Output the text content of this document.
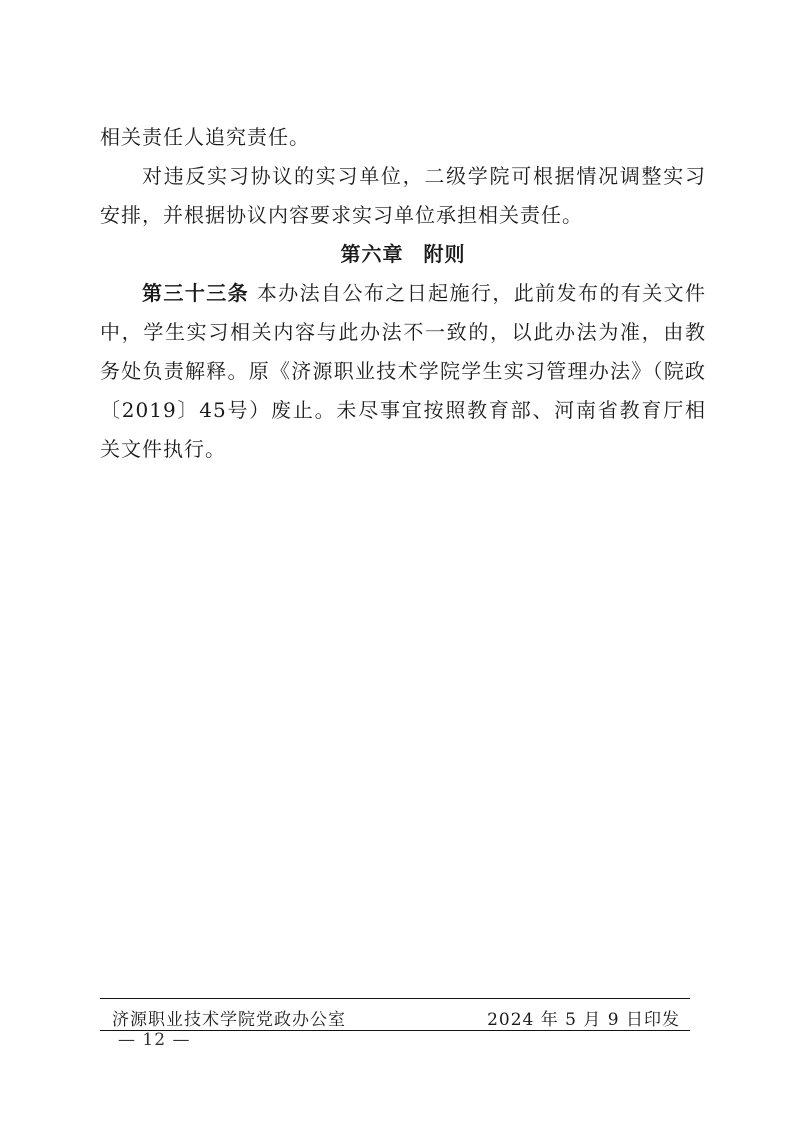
相关责任人追究责任。

对违反实习协议的实习单位，二级学院可根据情况调整实习安排，并根据协议内容要求实习单位承担相关责任。

第六章 附则

第三十三条 本办法自公布之日起施行，此前发布的有关文件中，学生实习相关内容与此办法不一致的，以此办法为准，由教务处负责解释。原《济源职业技术学院学生实习管理办法》（院政〔2019〕45号）废止。未尽事宜按照教育部、河南省教育厅相关文件执行。

济源职业技术学院党政办公室	2024 年 5 月 9 日印发
— 12 —
